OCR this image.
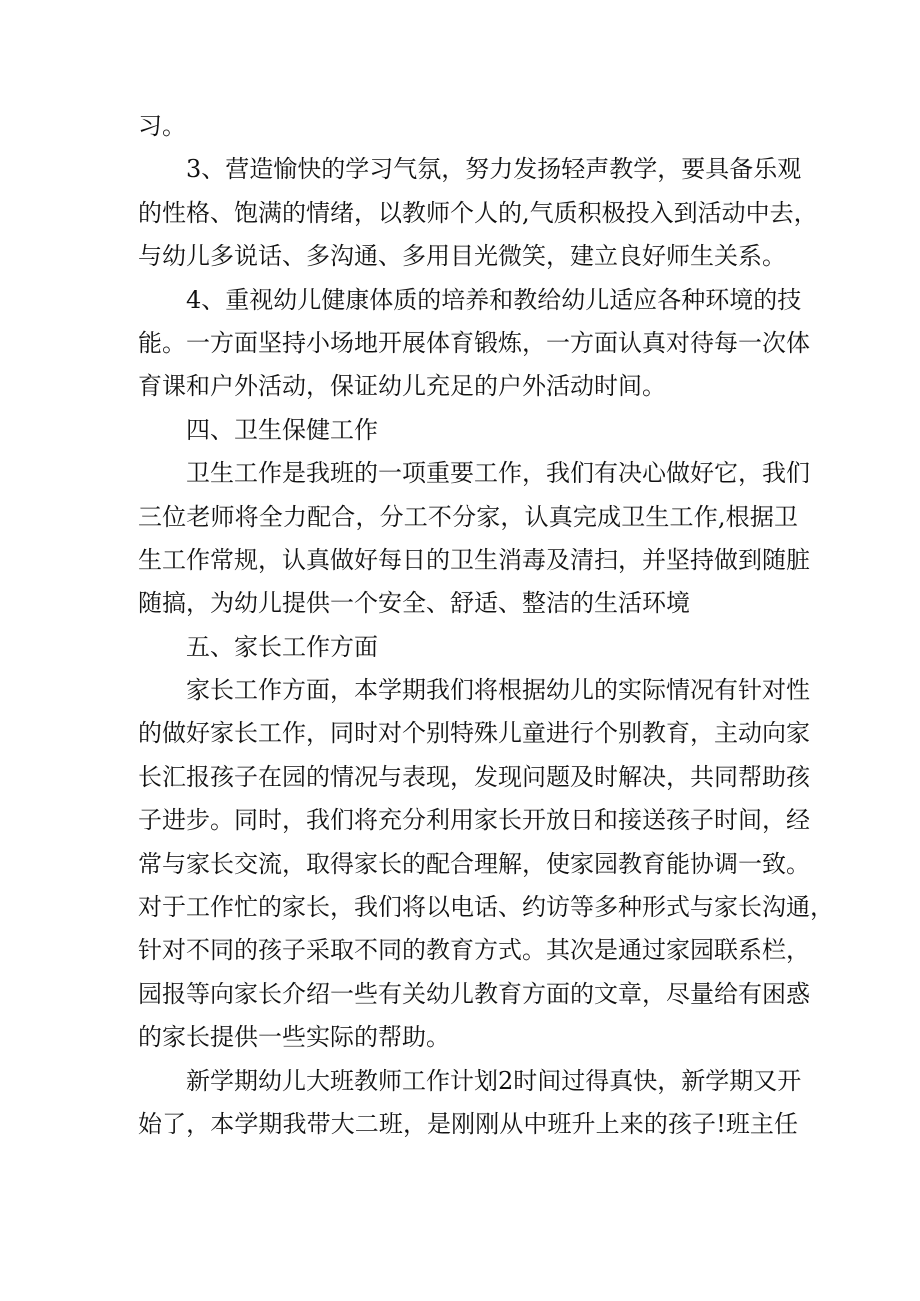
习。
3、营造愉快的学习气氛，努力发扬轻声教学，要具备乐观
的性格、饱满的情绪，以教师个人的,气质积极投入到活动中去，
与幼儿多说话、多沟通、多用目光微笑，建立良好师生关系。
4、重视幼儿健康体质的培养和教给幼儿适应各种环境的技
能。一方面坚持小场地开展体育锻炼，一方面认真对待每一次体
育课和户外活动，保证幼儿充足的户外活动时间。
四、卫生保健工作
卫生工作是我班的一项重要工作，我们有决心做好它，我们
三位老师将全力配合，分工不分家，认真完成卫生工作,根据卫
生工作常规，认真做好每日的卫生消毒及清扫，并坚持做到随脏
随搞，为幼儿提供一个安全、舒适、整洁的生活环境
五、家长工作方面
家长工作方面，本学期我们将根据幼儿的实际情况有针对性
的做好家长工作，同时对个别特殊儿童进行个别教育，主动向家
长汇报孩子在园的情况与表现，发现问题及时解决，共同帮助孩
子进步。同时，我们将充分利用家长开放日和接送孩子时间，经
常与家长交流，取得家长的配合理解，使家园教育能协调一致。
对于工作忙的家长，我们将以电话、约访等多种形式与家长沟通，
针对不同的孩子采取不同的教育方式。其次是通过家园联系栏，
园报等向家长介绍一些有关幼儿教育方面的文章，尽量给有困惑
的家长提供一些实际的帮助。
新学期幼儿大班教师工作计划2时间过得真快，新学期又开
始了，本学期我带大二班，是刚刚从中班升上来的孩子!班主任
